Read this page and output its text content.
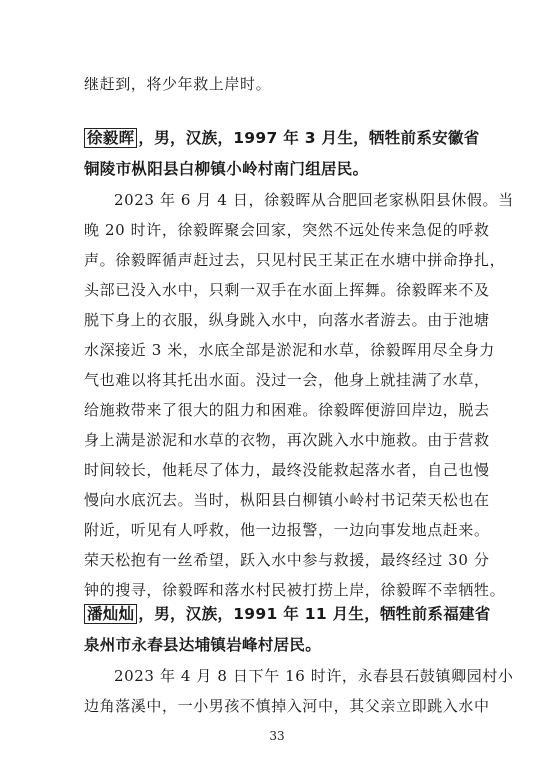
继赶到，将少年救上岸时。

徐毅晖 ，男，汉族，1997 年 3 月生，牺牲前系安徽省
铜陵市枞阳县白柳镇小岭村南门组居民。

2023 年 6 月 4 日，徐毅晖从合肥回老家枞阳县休假。当
晚 20 时许，徐毅晖聚会回家，突然不远处传来急促的呼救
声。徐毅晖循声赶过去，只见村民王某正在水塘中拼命挣扎，
头部已没入水中，只剩一双手在水面上挥舞。徐毅晖来不及
脱下身上的衣服，纵身跳入水中，向落水者游去。由于池塘
水深接近 3 米，水底全部是淤泥和水草，徐毅晖用尽全身力
气也难以将其托出水面。没过一会，他身上就挂满了水草，
给施救带来了很大的阻力和困难。徐毅晖便游回岸边，脱去
身上满是淤泥和水草的衣物，再次跳入水中施救。由于营救
时间较长，他耗尽了体力，最终没能救起落水者，自己也慢
慢向水底沉去。当时，枞阳县白柳镇小岭村书记荣天松也在
附近，听见有人呼救，他一边报警，一边向事发地点赶来。
荣天松抱有一丝希望，跃入水中参与救援，最终经过 30 分
钟的搜寻，徐毅晖和落水村民被打捞上岸，徐毅晖不幸牺牲。

潘灿灿 ，男，汉族，1991 年 11 月生，牺牲前系福建省
泉州市永春县达埔镇岩峰村居民。

2023 年 4 月 8 日下午 16 时许，永春县石鼓镇卿园村小
边角落溪中，一小男孩不慎掉入河中，其父亲立即跳入水中

33
